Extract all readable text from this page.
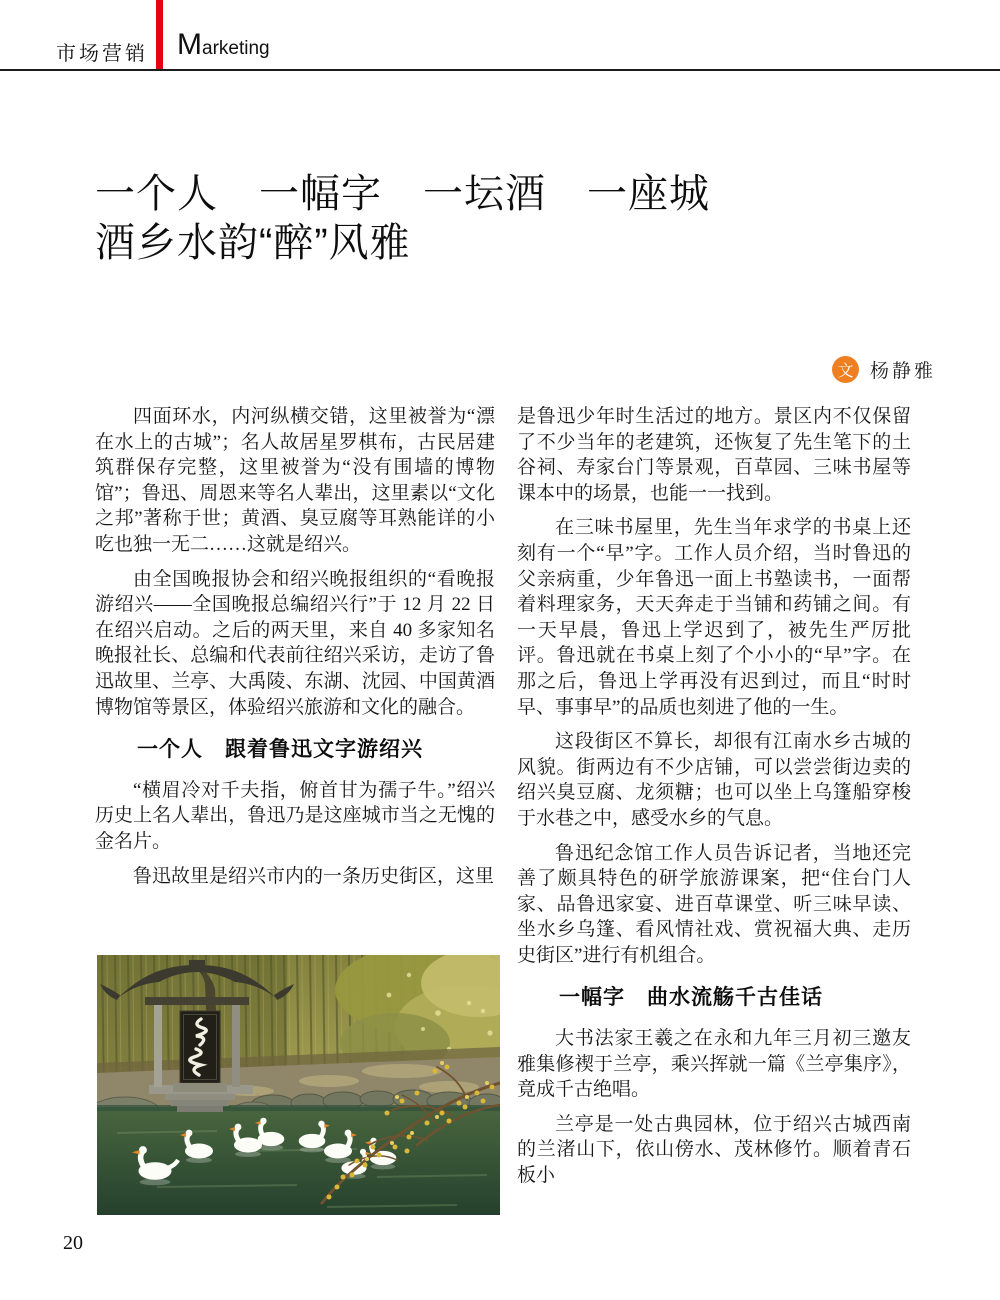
市场营销 Marketing
一个人　一幅字　一坛酒　一座城
酒乡水韵“醉”风雅
文 杨静雅

四面环水，内河纵横交错，这里被誉为“漂在水上的古城”；名人故居星罗棋布，古民居建筑群保存完整，这里被誉为“没有围墙的博物馆”；鲁迅、周恩来等名人辈出，这里素以“文化之邦”著称于世；黄酒、臭豆腐等耳熟能详的小吃也独一无二……这就是绍兴。

由全国晚报协会和绍兴晚报组织的“看晚报游绍兴——全国晚报总编绍兴行”于 12 月 22 日在绍兴启动。之后的两天里，来自 40 多家知名晚报社长、总编和代表前往绍兴采访，走访了鲁迅故里、兰亭、大禹陵、东湖、沈园、中国黄酒博物馆等景区，体验绍兴旅游和文化的融合。

一个人　跟着鲁迅文字游绍兴

“横眉冷对千夫指，俯首甘为孺子牛。”绍兴历史上名人辈出，鲁迅乃是这座城市当之无愧的金名片。

鲁迅故里是绍兴市内的一条历史街区，这里

是鲁迅少年时生活过的地方。景区内不仅保留了不少当年的老建筑，还恢复了先生笔下的土谷祠、寿家台门等景观，百草园、三味书屋等课本中的场景，也能一一找到。

在三味书屋里，先生当年求学的书桌上还刻有一个“早”字。工作人员介绍，当时鲁迅的父亲病重，少年鲁迅一面上书塾读书，一面帮着料理家务，天天奔走于当铺和药铺之间。有一天早晨，鲁迅上学迟到了，被先生严厉批评。鲁迅就在书桌上刻了个小小的“早”字。在那之后，鲁迅上学再没有迟到过，而且“时时早、事事早”的品质也刻进了他的一生。

这段街区不算长，却很有江南水乡古城的风貌。街两边有不少店铺，可以尝尝街边卖的绍兴臭豆腐、龙须糖；也可以坐上乌篷船穿梭于水巷之中，感受水乡的气息。

鲁迅纪念馆工作人员告诉记者，当地还完善了颇具特色的研学旅游课案，把“住台门人家、品鲁迅家宴、进百草课堂、听三味早读、坐水乡乌篷、看风情社戏、赏祝福大典、走历史街区”进行有机组合。

一幅字　曲水流觞千古佳话

大书法家王羲之在永和九年三月初三邀友雅集修禊于兰亭，乘兴挥就一篇《兰亭集序》，竟成千古绝唱。

兰亭是一处古典园林，位于绍兴古城西南的兰渚山下，依山傍水、茂林修竹。顺着青石板小

20
